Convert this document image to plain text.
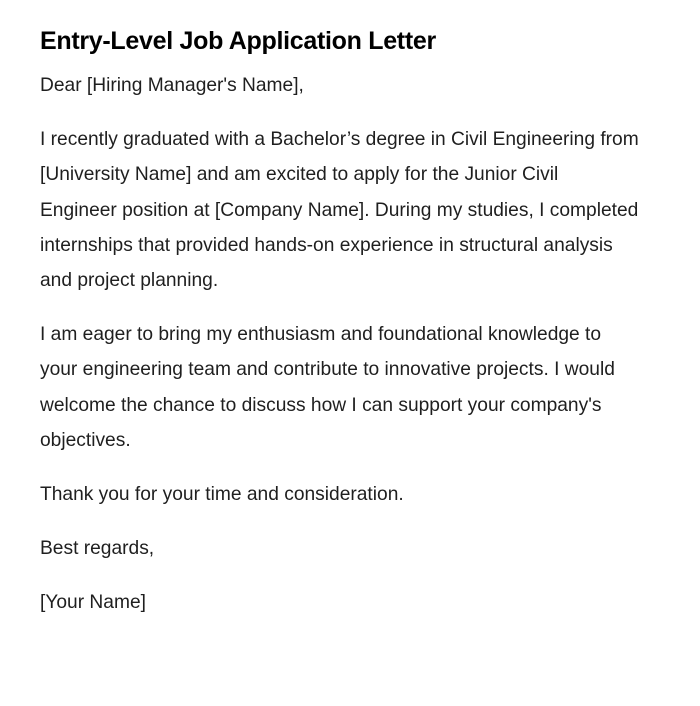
Entry-Level Job Application Letter

Dear [Hiring Manager's Name],

I recently graduated with a Bachelor’s degree in Civil Engineering from [University Name] and am excited to apply for the Junior Civil Engineer position at [Company Name]. During my studies, I completed internships that provided hands-on experience in structural analysis and project planning.

I am eager to bring my enthusiasm and foundational knowledge to your engineering team and contribute to innovative projects. I would welcome the chance to discuss how I can support your company's objectives.

Thank you for your time and consideration.

Best regards,

[Your Name]
